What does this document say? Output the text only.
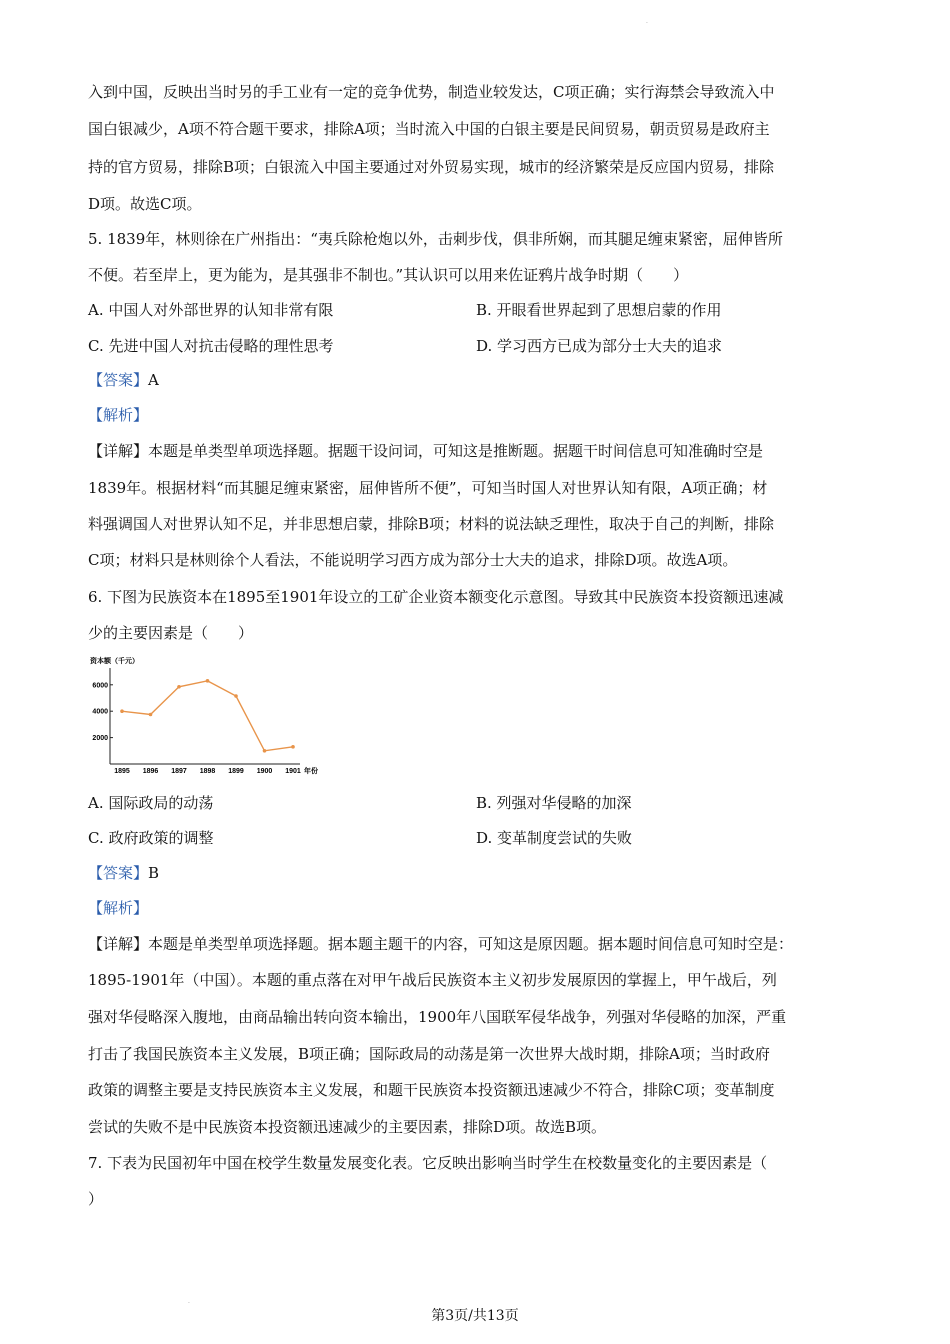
入到中国，反映出当时另的手工业有一定的竞争优势，制造业较发达，C项正确；实行海禁会导致流入中
国白银减少，A项不符合题干要求，排除A项；当时流入中国的白银主要是民间贸易，朝贡贸易是政府主
持的官方贸易，排除B项；白银流入中国主要通过对外贸易实现，城市的经济繁荣是反应国内贸易，排除
D项。故选C项。
5. 1839年，林则徐在广州指出：“夷兵除枪炮以外，击刺步伐，俱非所娴，而其腿足缠束紧密，屈伸皆所
不便。若至岸上，更为能为，是其强非不制也。”其认识可以用来佐证鸦片战争时期（　　）
A. 中国人对外部世界的认知非常有限	B. 开眼看世界起到了思想启蒙的作用
C. 先进中国人对抗击侵略的理性思考	D. 学习西方已成为部分士大夫的追求
【答案】A
【解析】
【详解】本题是单类型单项选择题。据题干设问词，可知这是推断题。据题干时间信息可知准确时空是
1839年。根据材料“而其腿足缠束紧密，屈伸皆所不便”，可知当时国人对世界认知有限，A项正确；材
料强调国人对世界认知不足，并非思想启蒙，排除B项；材料的说法缺乏理性，取决于自己的判断，排除
C项；材料只是林则徐个人看法，不能说明学习西方成为部分士大夫的追求，排除D项。故选A项。
6. 下图为民族资本在1895至1901年设立的工矿企业资本额变化示意图。导致其中民族资本投资额迅速减
少的主要因素是（　　）
资本额（千元）
年份
2000
4000
6000
1895 1896 1897 1898 1899 1900 1901
A. 国际政局的动荡	B. 列强对华侵略的加深
C. 政府政策的调整	D. 变革制度尝试的失败
【答案】B
【解析】
【详解】本题是单类型单项选择题。据本题主题干的内容，可知这是原因题。据本题时间信息可知时空是：
1895-1901年（中国）。本题的重点落在对甲午战后民族资本主义初步发展原因的掌握上，甲午战后，列
强对华侵略深入腹地，由商品输出转向资本输出，1900年八国联军侵华战争，列强对华侵略的加深，严重
打击了我国民族资本主义发展，B项正确；国际政局的动荡是第一次世界大战时期，排除A项；当时政府
政策的调整主要是支持民族资本主义发展，和题干民族资本投资额迅速减少不符合，排除C项；变革制度
尝试的失败不是中民族资本投资额迅速减少的主要因素，排除D项。故选B项。
7. 下表为民国初年中国在校学生数量发展变化表。它反映出影响当时学生在校数量变化的主要因素是（
）
·
·
第3页/共13页
